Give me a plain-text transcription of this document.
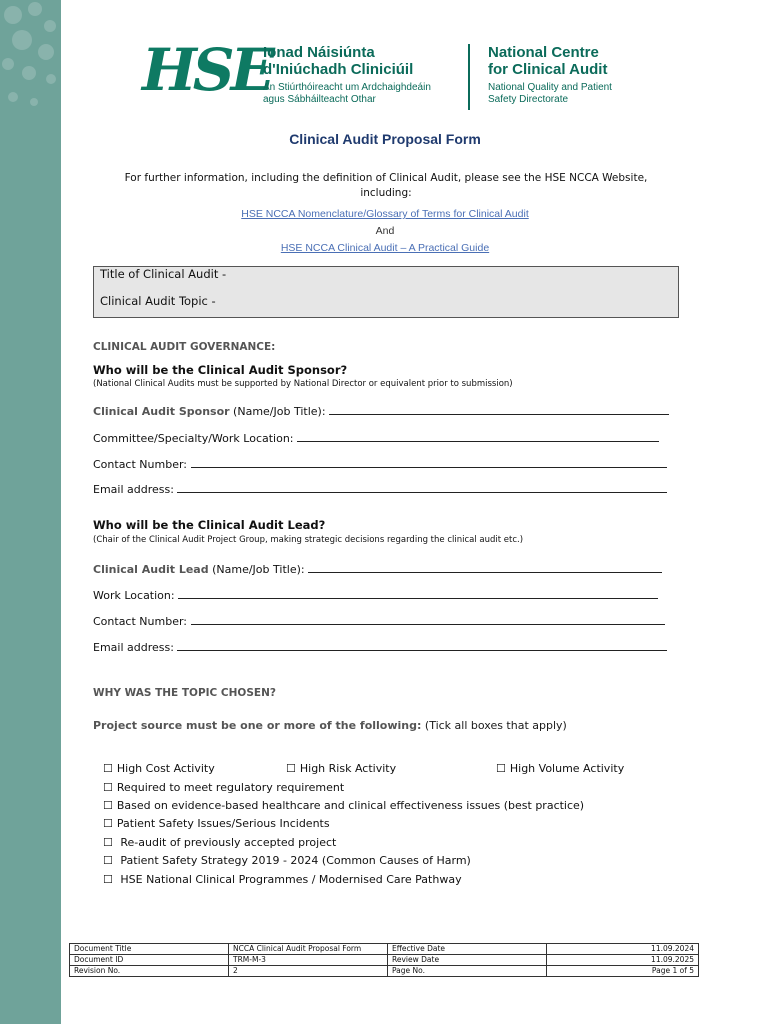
HSE
Ionad Náisiúnta
d'Iniúchadh Cliniciúil
An Stiúrthóireacht um Ardchaighdeáin
agus Sábháilteacht Othar
National Centre
for Clinical Audit
National Quality and Patient
Safety Directorate
Clinical Audit Proposal Form
For further information, including the definition of Clinical Audit, please see the HSE NCCA Website,
including:
HSE NCCA Nomenclature/Glossary of Terms for Clinical Audit
And
HSE NCCA Clinical Audit – A Practical Guide
Title of Clinical Audit -
Clinical Audit Topic -
CLINICAL AUDIT GOVERNANCE:
Who will be the Clinical Audit Sponsor?
(National Clinical Audits must be supported by National Director or equivalent prior to submission)
Clinical Audit Sponsor (Name/Job Title):
Committee/Specialty/Work Location:
Contact Number:
Email address:
Who will be the Clinical Audit Lead?
(Chair of the Clinical Audit Project Group, making strategic decisions regarding the clinical audit etc.)
Clinical Audit Lead (Name/Job Title):
Work Location:
Contact Number:
Email address:
WHY WAS THE TOPIC CHOSEN?
Project source must be one or more of the following: (Tick all boxes that apply)
☐ High Cost Activity	☐ High Risk Activity	☐ High Volume Activity
☐ Required to meet regulatory requirement
☐ Based on evidence-based healthcare and clinical effectiveness issues (best practice)
☐ Patient Safety Issues/Serious Incidents
☐ Re-audit of previously accepted project
☐ Patient Safety Strategy 2019 - 2024 (Common Causes of Harm)
☐ HSE National Clinical Programmes / Modernised Care Pathway
Document Title	NCCA Clinical Audit Proposal Form	Effective Date	11.09.2024
Document ID	TRM-M-3	Review Date	11.09.2025
Revision No.	2	Page No.	Page 1 of 5
